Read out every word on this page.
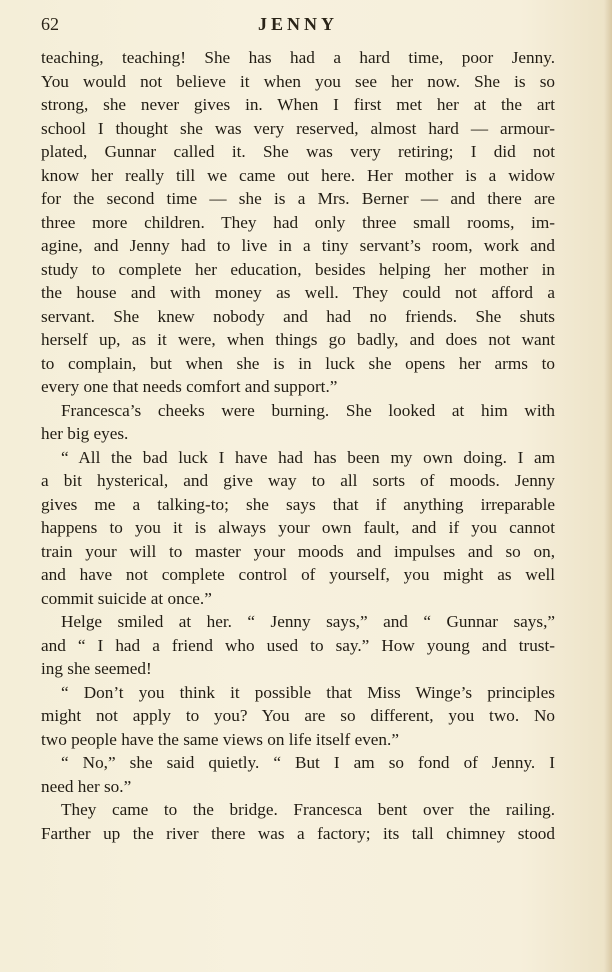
62	JENNY
teaching, teaching! She has had a hard time, poor Jenny.
You would not believe it when you see her now. She is so
strong, she never gives in. When I first met her at the art
school I thought she was very reserved, almost hard — armour-
plated, Gunnar called it. She was very retiring; I did not
know her really till we came out here. Her mother is a widow
for the second time — she is a Mrs. Berner — and there are
three more children. They had only three small rooms, im-
agine, and Jenny had to live in a tiny servant’s room, work and
study to complete her education, besides helping her mother in
the house and with money as well. They could not afford a
servant. She knew nobody and had no friends. She shuts
herself up, as it were, when things go badly, and does not want
to complain, but when she is in luck she opens her arms to
every one that needs comfort and support.”
Francesca’s cheeks were burning. She looked at him with
her big eyes.
“ All the bad luck I have had has been my own doing. I am
a bit hysterical, and give way to all sorts of moods. Jenny
gives me a talking-to; she says that if anything irreparable
happens to you it is always your own fault, and if you cannot
train your will to master your moods and impulses and so on,
and have not complete control of yourself, you might as well
commit suicide at once.”
Helge smiled at her. “ Jenny says,” and “ Gunnar says,”
and “ I had a friend who used to say.” How young and trust-
ing she seemed!
“ Don’t you think it possible that Miss Winge’s principles
might not apply to you? You are so different, you two. No
two people have the same views on life itself even.”
“ No,” she said quietly. “ But I am so fond of Jenny. I
need her so.”
They came to the bridge. Francesca bent over the railing.
Farther up the river there was a factory; its tall chimney stood
